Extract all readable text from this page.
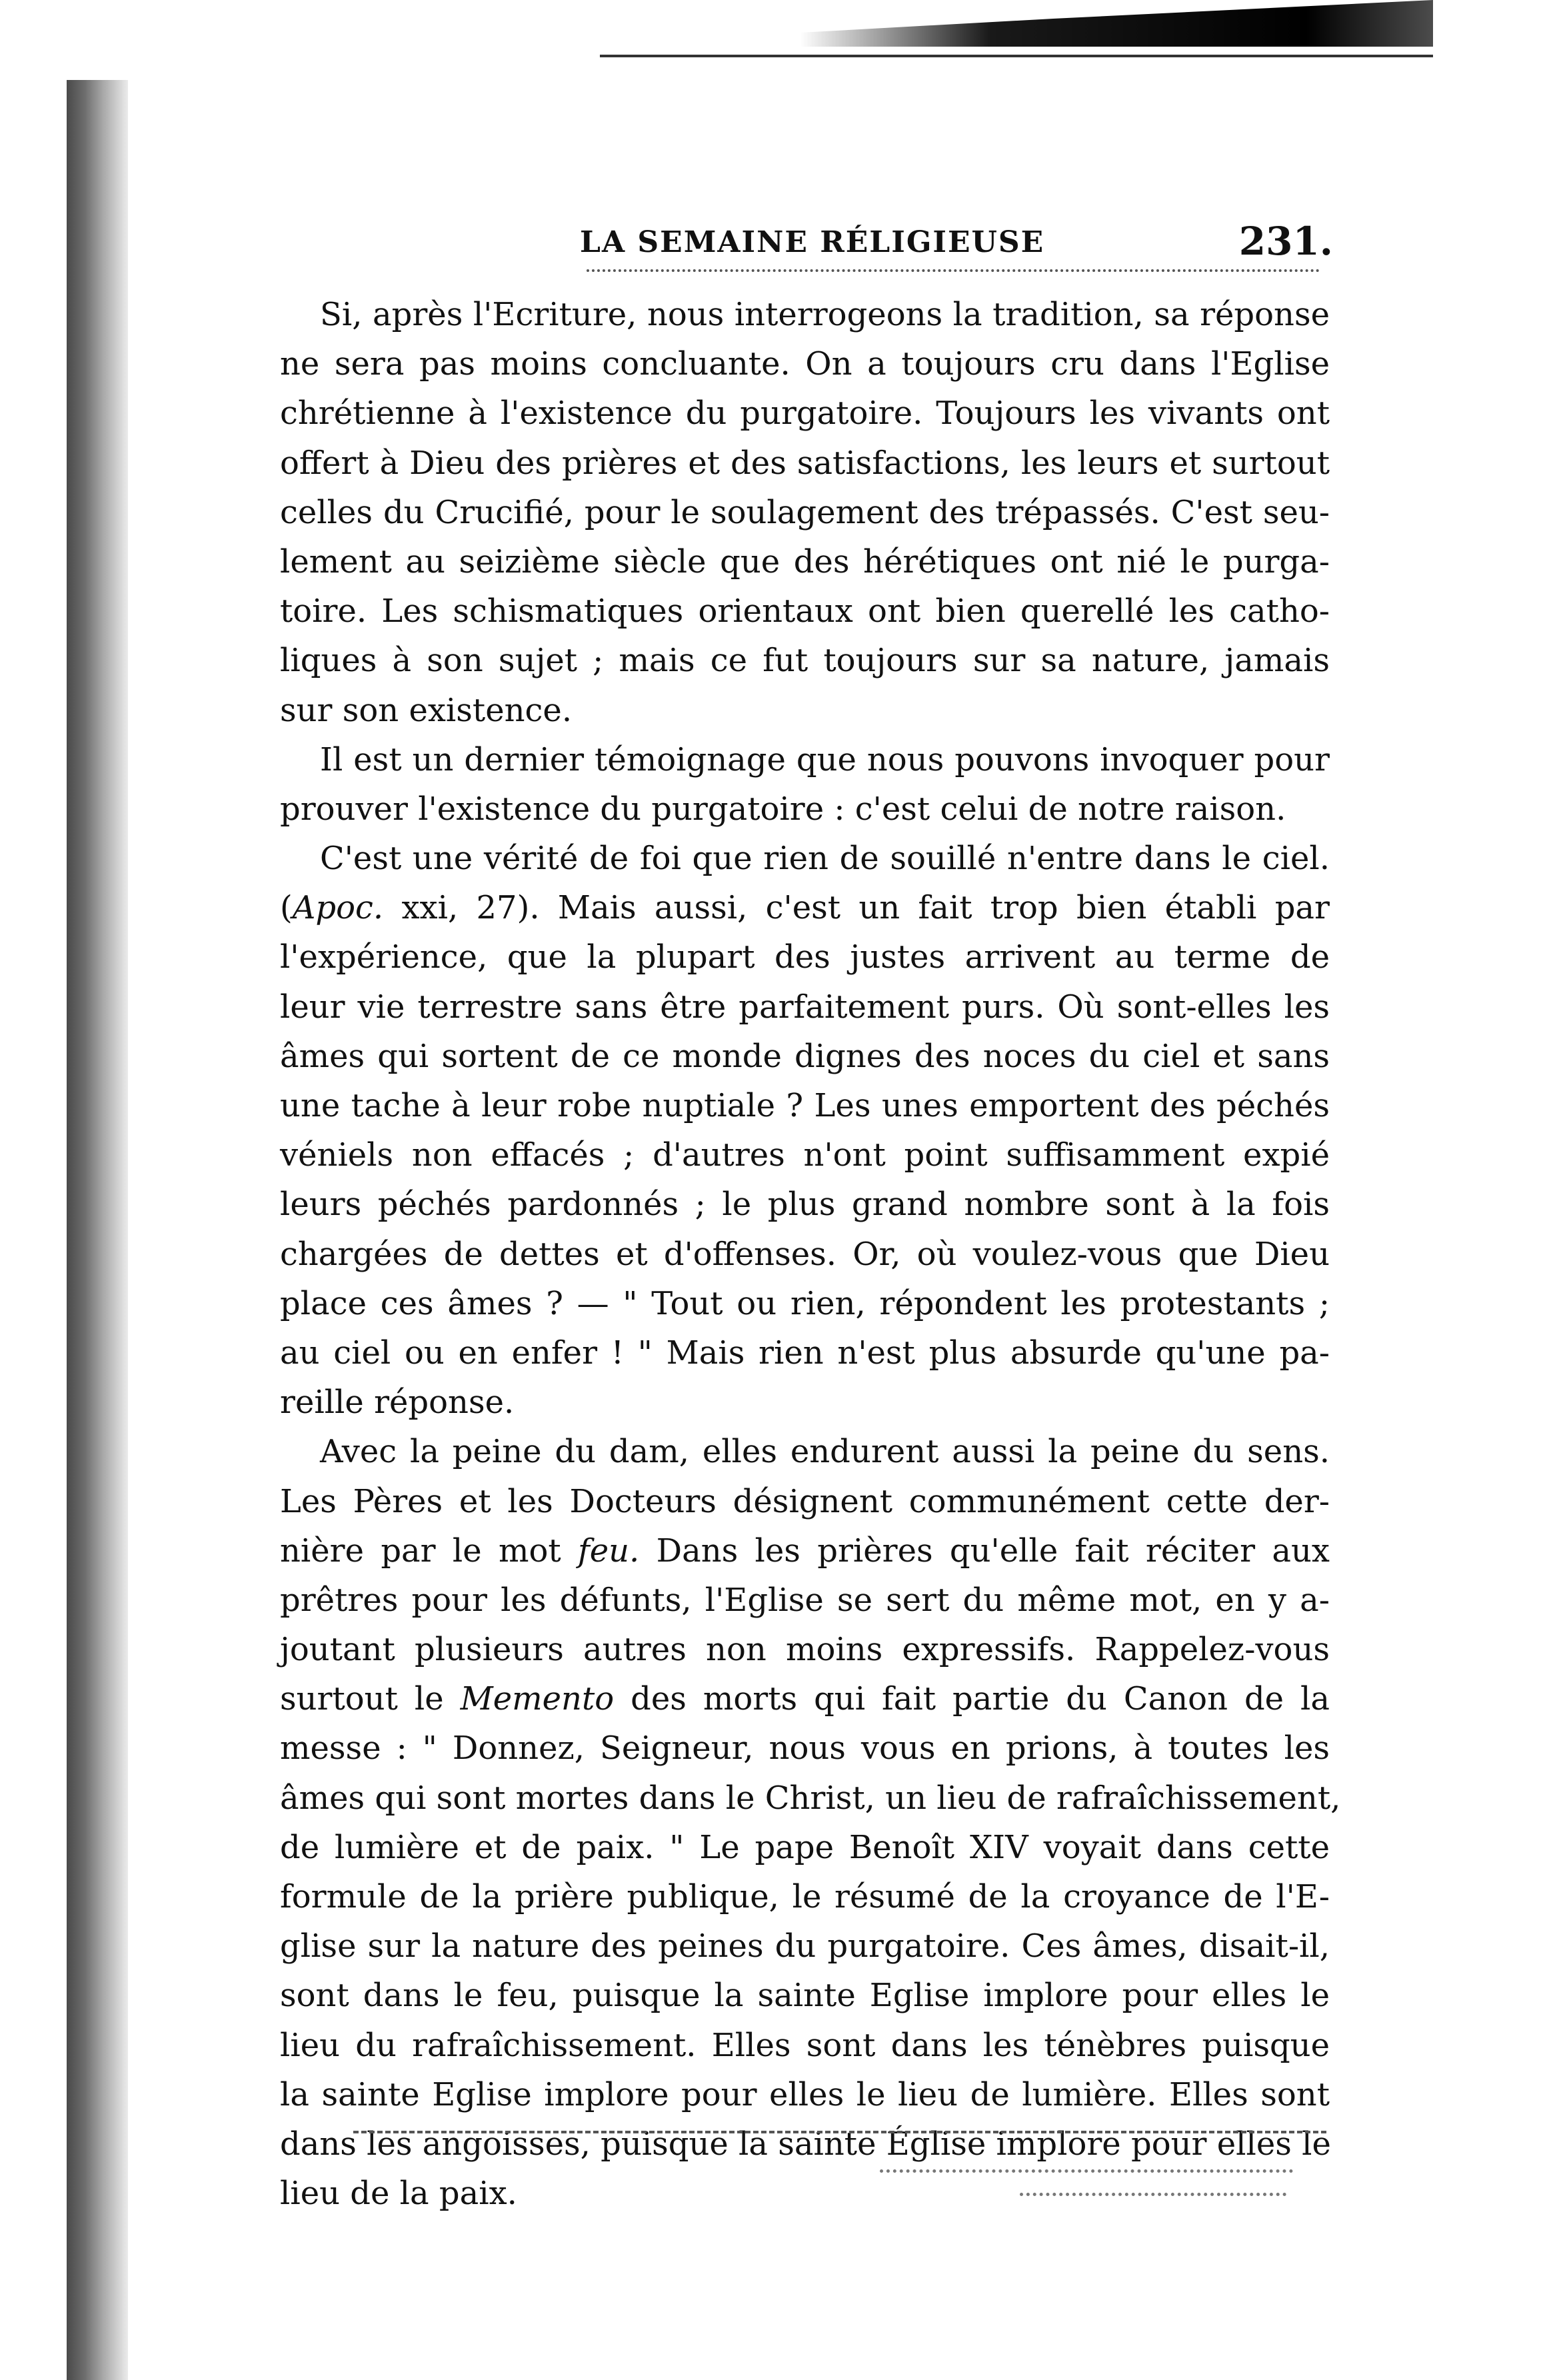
LA SEMAINE RÉLIGIEUSE	231.
Si, après l'Ecriture, nous interrogeons la tradition, sa réponse
ne sera pas moins concluante. On a toujours cru dans l'Eglise
chrétienne à l'existence du purgatoire. Toujours les vivants ont
offert à Dieu des prières et des satisfactions, les leurs et surtout
celles du Crucifié, pour le soulagement des trépassés. C'est seu-
lement au seizième siècle que des hérétiques ont nié le purga-
toire. Les schismatiques orientaux ont bien querellé les catho-
liques à son sujet ; mais ce fut toujours sur sa nature, jamais
sur son existence.
Il est un dernier témoignage que nous pouvons invoquer pour
prouver l'existence du purgatoire : c'est celui de notre raison.
C'est une vérité de foi que rien de souillé n'entre dans le ciel.
(Apoc. xxi, 27). Mais aussi, c'est un fait trop bien établi par
l'expérience, que la plupart des justes arrivent au terme de
leur vie terrestre sans être parfaitement purs. Où sont-elles les
âmes qui sortent de ce monde dignes des noces du ciel et sans
une tache à leur robe nuptiale ? Les unes emportent des péchés
véniels non effacés ; d'autres n'ont point suffisamment expié
leurs péchés pardonnés ; le plus grand nombre sont à la fois
chargées de dettes et d'offenses. Or, où voulez-vous que Dieu
place ces âmes ? — " Tout ou rien, répondent les protestants ;
au ciel ou en enfer ! " Mais rien n'est plus absurde qu'une pa-
reille réponse.
Avec la peine du dam, elles endurent aussi la peine du sens.
Les Pères et les Docteurs désignent communément cette der-
nière par le mot feu. Dans les prières qu'elle fait réciter aux
prêtres pour les défunts, l'Eglise se sert du même mot, en y a-
joutant plusieurs autres non moins expressifs. Rappelez-vous
surtout le Memento des morts qui fait partie du Canon de la
messe : " Donnez, Seigneur, nous vous en prions, à toutes les
âmes qui sont mortes dans le Christ, un lieu de rafraîchissement,
de lumière et de paix. " Le pape Benoît XIV voyait dans cette
formule de la prière publique, le résumé de la croyance de l'E-
glise sur la nature des peines du purgatoire. Ces âmes, disait-il,
sont dans le feu, puisque la sainte Eglise implore pour elles le
lieu du rafraîchissement. Elles sont dans les ténèbres puisque
la sainte Eglise implore pour elles le lieu de lumière. Elles sont
dans les angoisses, puisque la sainte Église implore pour elles le
lieu de la paix.
